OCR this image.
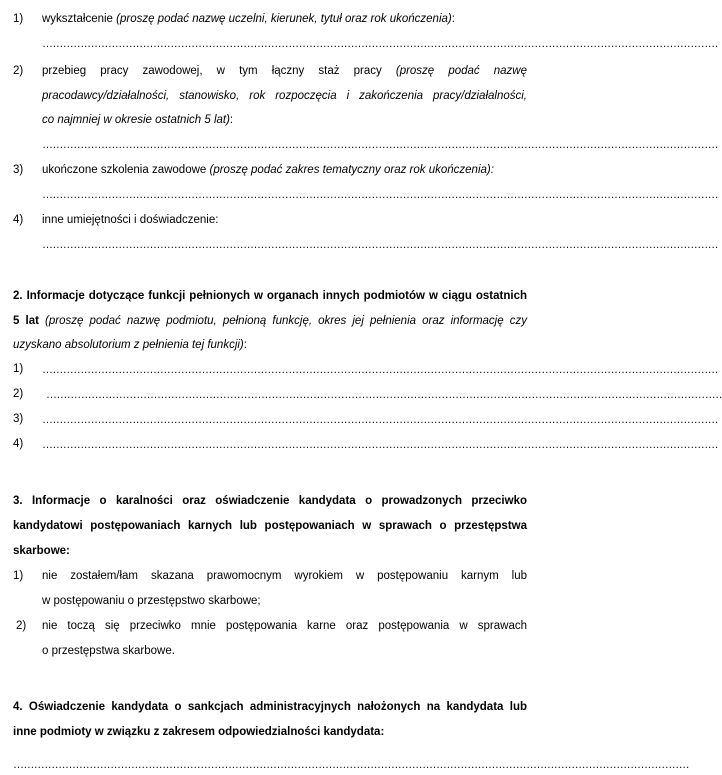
1) wykształcenie (proszę podać nazwę uczelni, kierunek, tytuł oraz rok ukończenia):
……………………………………………………………………………………………………………………………………………………………………………
2) przebieg pracy zawodowej, w tym łączny staż pracy (proszę podać nazwę
pracodawcy/działalności, stanowisko, rok rozpoczęcia i zakończenia pracy/działalności,
co najmniej w okresie ostatnich 5 lat):
……………………………………………………………………………………………………………………………………………………………………………
3) ukończone szkolenia zawodowe (proszę podać zakres tematyczny oraz rok ukończenia):
……………………………………………………………………………………………………………………………………………………………………………
4) inne umiejętności i doświadczenie:
……………………………………………………………………………………………………………………………………………………………………………
2. Informacje dotyczące funkcji pełnionych w organach innych podmiotów w ciągu ostatnich
5 lat (proszę podać nazwę podmiotu, pełnioną funkcję, okres jej pełnienia oraz informację czy
uzyskano absolutorium z pełnienia tej funkcji):
1) ……………………………………………………………………………………………………………………………………………………………………………
2) ……………………………………………………………………………………………………………………………………………………………………………
3) ……………………………………………………………………………………………………………………………………………………………………………
4) ……………………………………………………………………………………………………………………………………………………………………………
3. Informacje o karalności oraz oświadczenie kandydata o prowadzonych przeciwko
kandydatowi postępowaniach karnych lub postępowaniach w sprawach o przestępstwa
skarbowe:
1) nie zostałem/łam skazana prawomocnym wyrokiem w postępowaniu karnym lub
w postępowaniu o przestępstwo skarbowe;
2) nie toczą się przeciwko mnie postępowania karne oraz postępowania w sprawach
o przestępstwa skarbowe.
4. Oświadczenie kandydata o sankcjach administracyjnych nałożonych na kandydata lub
inne podmioty w związku z zakresem odpowiedzialności kandydata:
……………………………………………………………………………………………………………………………………………………………………………
